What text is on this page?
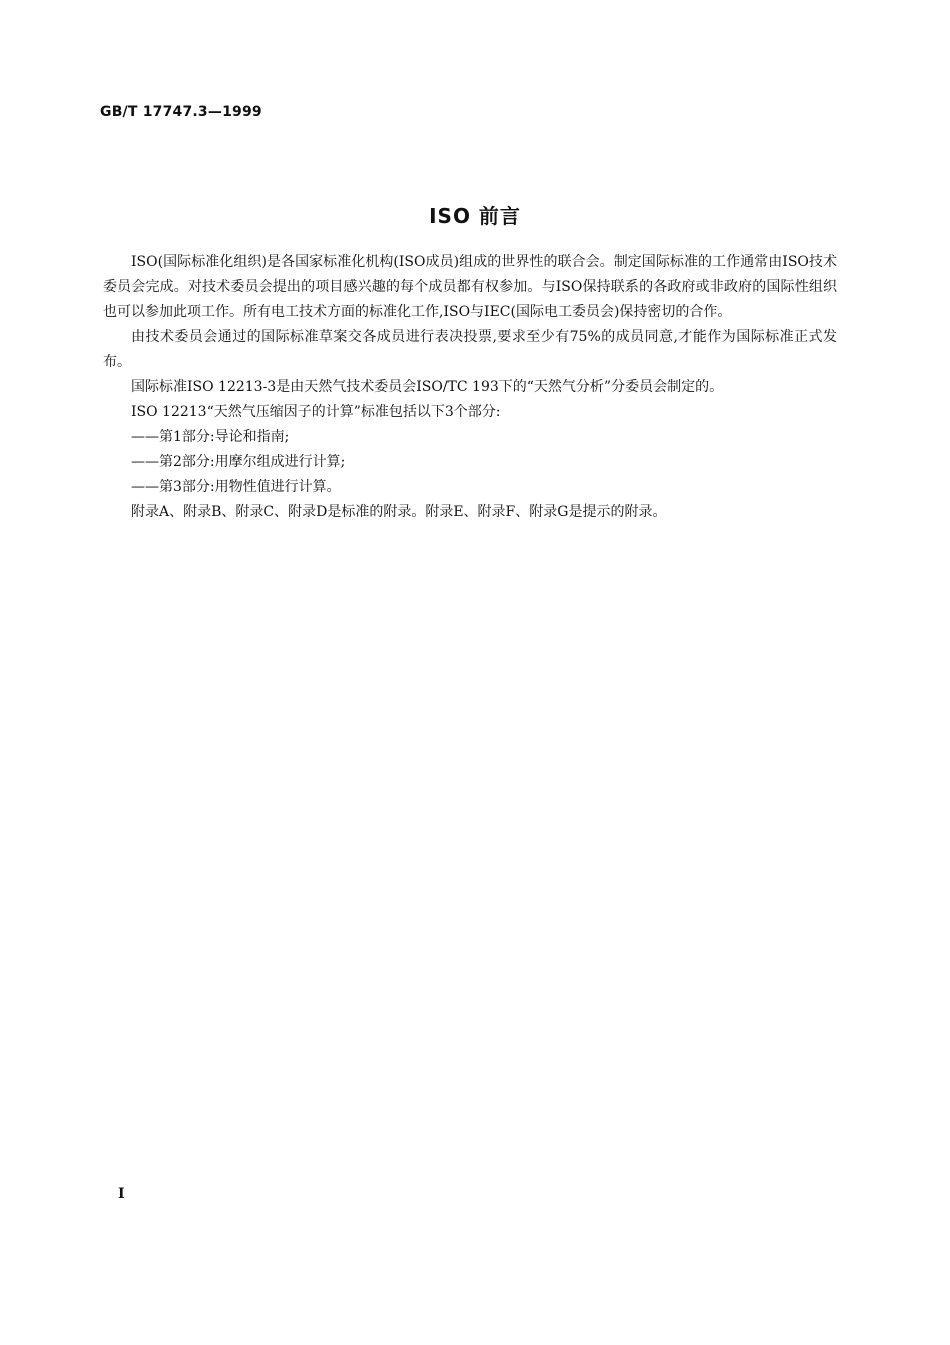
GB/T 17747.3—1999
ISO 前言

ISO(国际标准化组织)是各国家标准化机构(ISO成员)组成的世界性的联合会。制定国际标准的工作通常由ISO技术委员会完成。对技术委员会提出的项目感兴趣的每个成员都有权参加。与ISO保持联系的各政府或非政府的国际性组织也可以参加此项工作。所有电工技术方面的标准化工作,ISO与IEC(国际电工委员会)保持密切的合作。

由技术委员会通过的国际标准草案交各成员进行表决投票,要求至少有75%的成员同意,才能作为国际标准正式发布。

国际标准ISO 12213-3是由天然气技术委员会ISO/TC 193下的“天然气分析”分委员会制定的。

ISO 12213“天然气压缩因子的计算”标准包括以下3个部分:

——第1部分:导论和指南;

——第2部分:用摩尔组成进行计算;

——第3部分:用物性值进行计算。

附录A、附录B、附录C、附录D是标准的附录。附录E、附录F、附录G是提示的附录。

I
